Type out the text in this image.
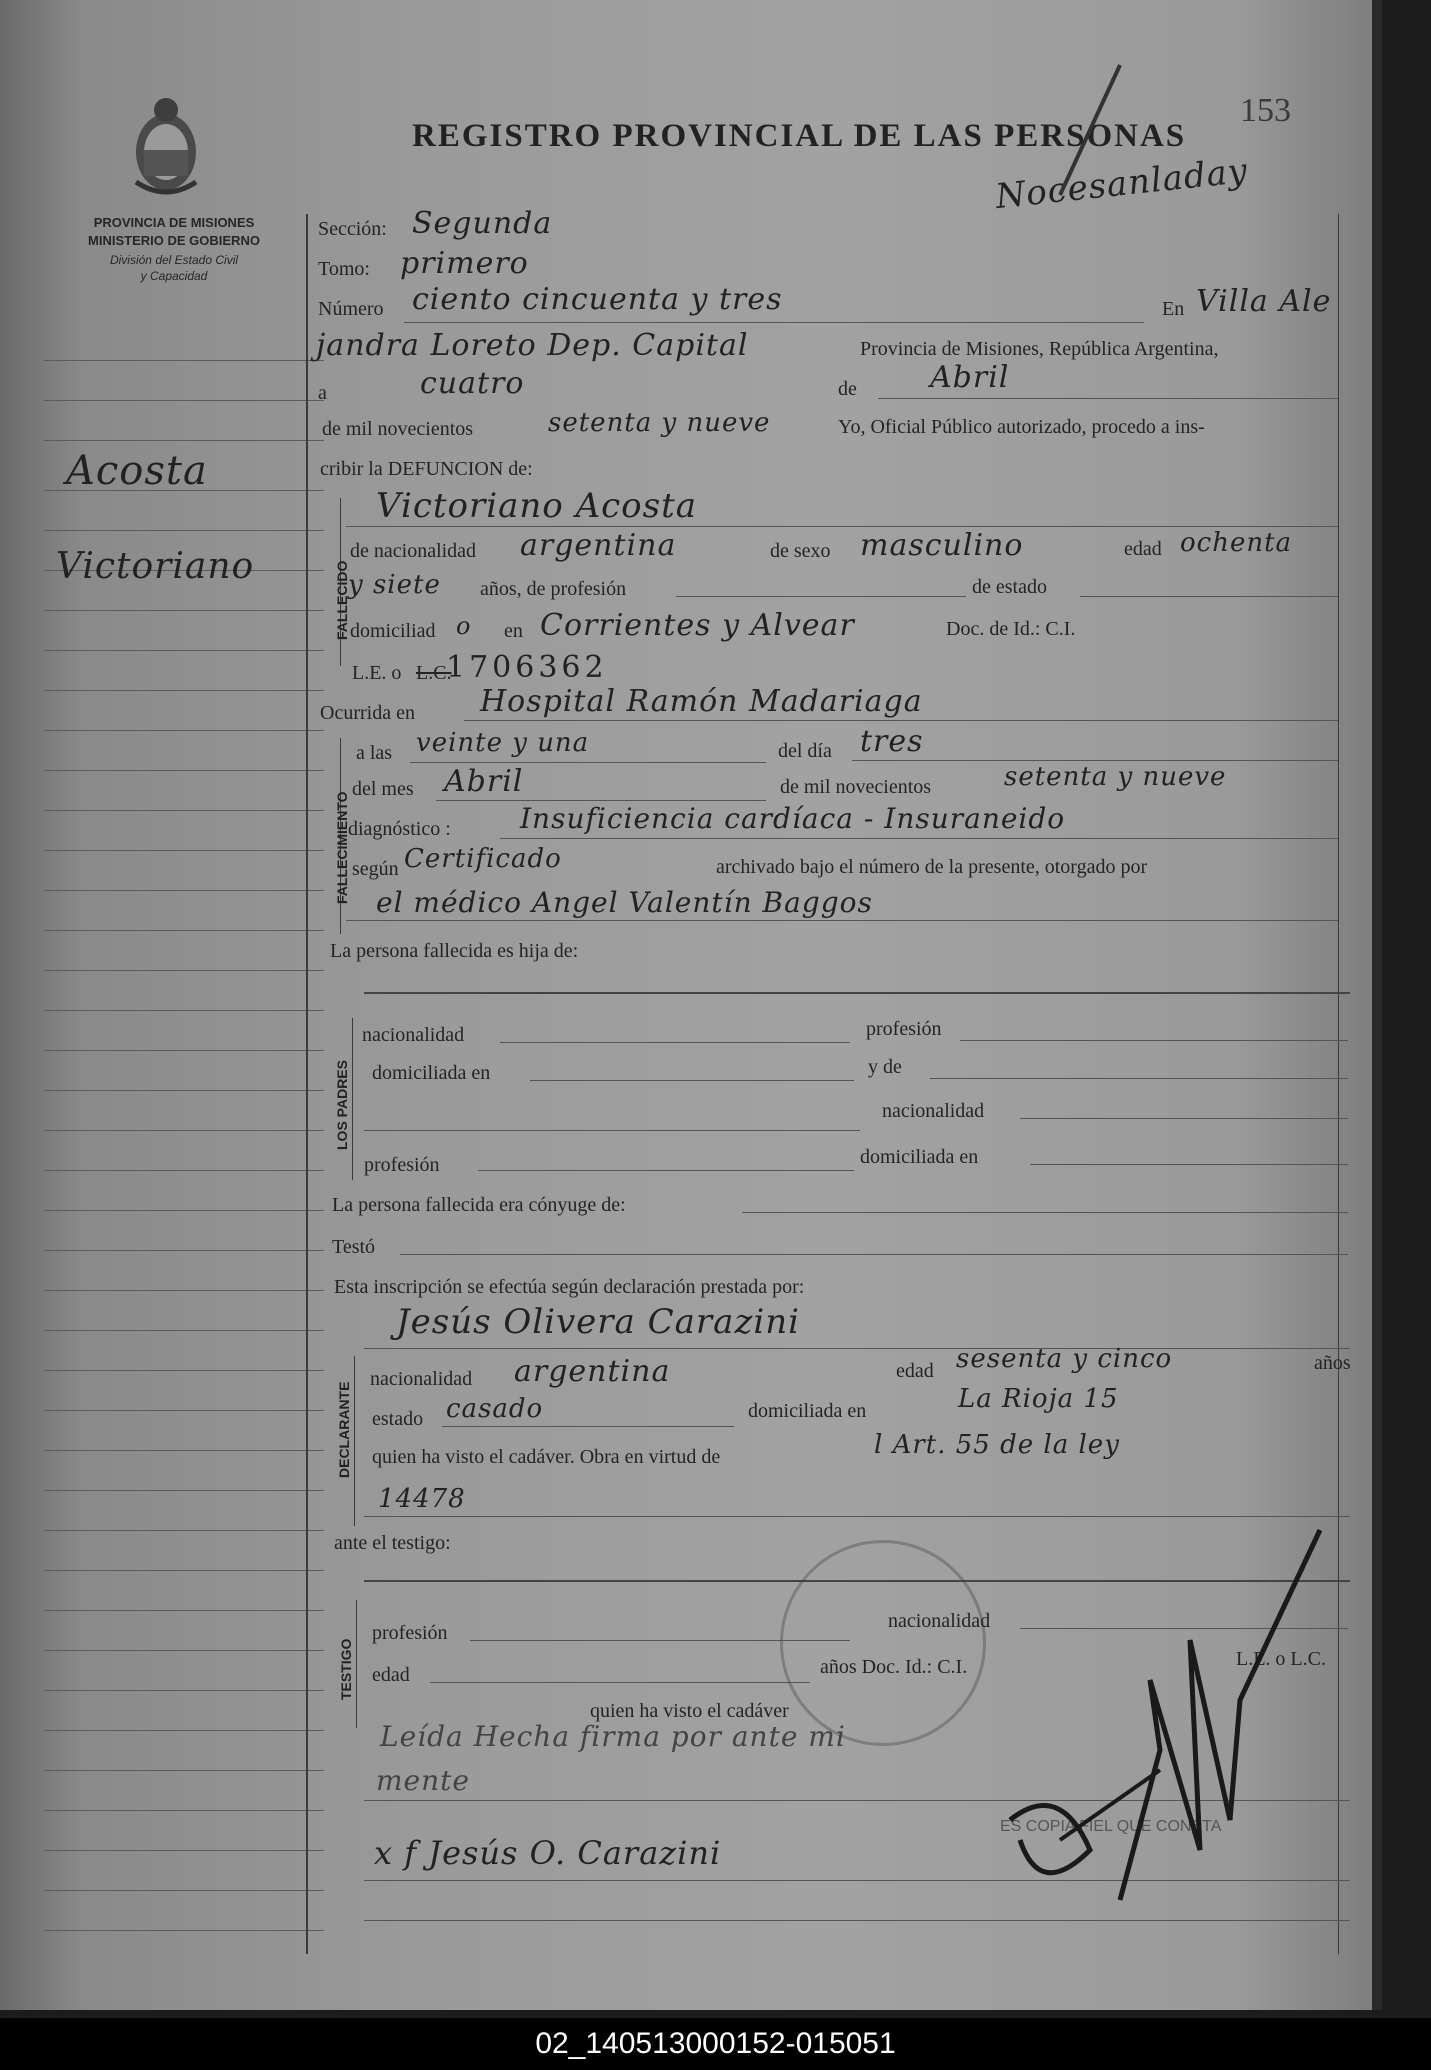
PROVINCIA DE MISIONES
MINISTERIO DE GOBIERNO
División del Estado Civil
y Capacidad
REGISTRO PROVINCIAL DE LAS PERSONAS
153
Nocesanladay
Acosta
Victoriano
Sección: Segunda
Tomo: primero
Número ciento cincuenta y tres	En Villa Ale
jandra Loreto Dep. Capital	Provincia de Misiones, República Argentina,
a	cuatro	de Abril
de mil novecientos	setenta y nueve	Yo, Oficial Público autorizado, procedo a ins-
cribir la DEFUNCION de:
FALLECIDO
Victoriano Acosta
de nacionalidad argentina	de sexo masculino	edad ochenta
y siete años, de profesión	de estado
domiciliad o en Corrientes y Alvear	Doc. de Id.: C.I.
L.E. o L.C.
1706362
Ocurrida en Hospital Ramón Madariaga
FALLECIMIENTO
a las veinte y una	del día tres
del mes Abril	de mil novecientos	setenta y nueve
diagnóstico : Insuficiencia cardíaca - Insuraneido
según Certificado	archivado bajo el número de la presente, otorgado por
el médico Angel Valentín Baggos
La persona fallecida es hija de:
LOS PADRES
nacionalidad	profesión
domiciliada en	y de
nacionalidad
profesión	domiciliada en
La persona fallecida era cónyuge de:
Testó
Esta inscripción se efectúa según declaración prestada por:
DECLARANTE
Jesús Olivera Carazini
nacionalidad argentina	edad sesenta y cinco	años
estado casado	domiciliada en	La Rioja 15
quien ha visto el cadáver. Obra en virtud de	l Art. 55 de la ley
14478
ante el testigo:
TESTIGO
profesión
nacionalidad
edad	años Doc. Id.: C.I.	L.E. o L.C.
quien ha visto el cadáver
Leída Hecha firma por ante mi
mente
x f Jesús O. Carazini
ES COPIA FIEL QUE CONSTA
02_140513000152-015051
